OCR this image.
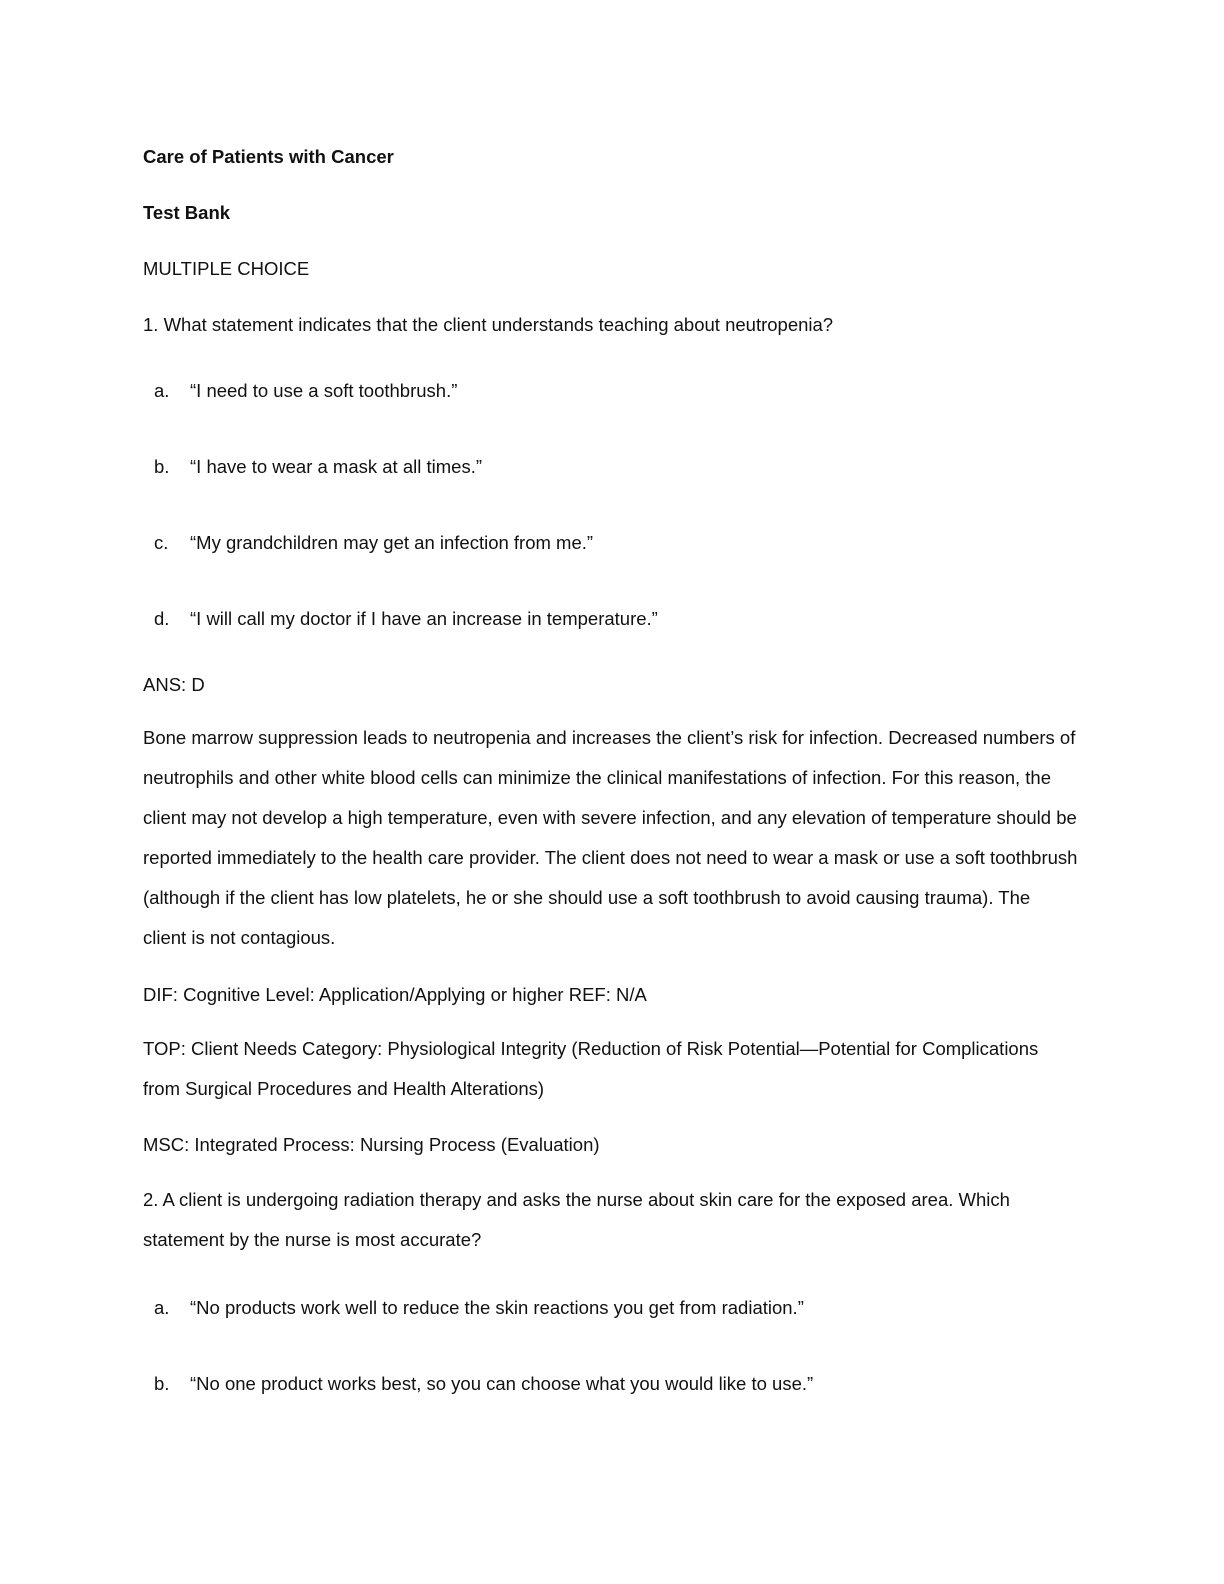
Care of Patients with Cancer
Test Bank
MULTIPLE CHOICE
1. What statement indicates that the client understands teaching about neutropenia?
a. “I need to use a soft toothbrush.”
b. “I have to wear a mask at all times.”
c. “My grandchildren may get an infection from me.”
d. “I will call my doctor if I have an increase in temperature.”
ANS: D
Bone marrow suppression leads to neutropenia and increases the client’s risk for infection. Decreased numbers of neutrophils and other white blood cells can minimize the clinical manifestations of infection. For this reason, the client may not develop a high temperature, even with severe infection, and any elevation of temperature should be reported immediately to the health care provider. The client does not need to wear a mask or use a soft toothbrush (although if the client has low platelets, he or she should use a soft toothbrush to avoid causing trauma). The client is not contagious.
DIF: Cognitive Level: Application/Applying or higher REF: N/A
TOP: Client Needs Category: Physiological Integrity (Reduction of Risk Potential—Potential for Complications from Surgical Procedures and Health Alterations)
MSC: Integrated Process: Nursing Process (Evaluation)
2. A client is undergoing radiation therapy and asks the nurse about skin care for the exposed area. Which statement by the nurse is most accurate?
a. “No products work well to reduce the skin reactions you get from radiation.”
b. “No one product works best, so you can choose what you would like to use.”
